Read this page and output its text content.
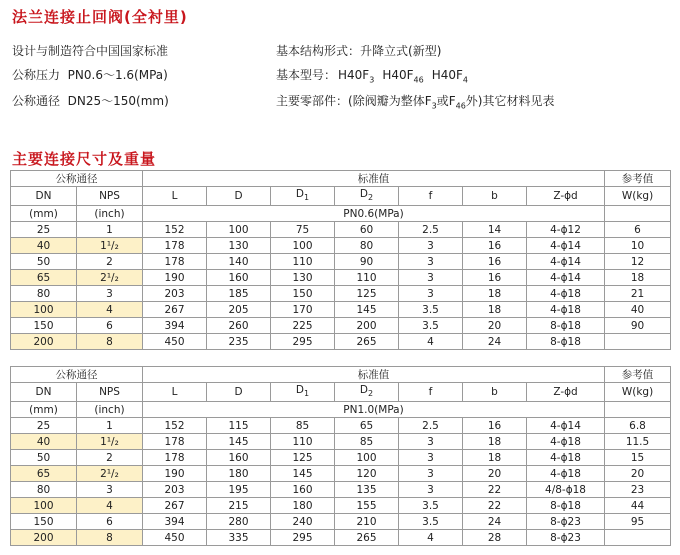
法兰连接止回阀(全衬里)
设计与制造符合中国国家标准
公称压力 PN0.6～1.6(MPa)
公称通径 DN25～150(mm)
基本结构形式：升降立式(新型)
基本型号： $H40F_3$ $H40F_{46}$ $H40F_4$
主要零部件：(除阀瓣为整体$F_3$或$F_{46}$外)其它材料见表
主要连接尺寸及重量
公称通径		标准值							参考值
DN	NPS	L	D	$D_1$	$D_2$	f	b	Z-ϕd	W(kg)
(mm)	(inch)	PN0.6(MPa)							
25	1	152	100	75	60	2.5	14	4-ϕ12	6
40	1¹/₂	178	130	100	80	3	16	4-ϕ14	10
50	2	178	140	110	90	3	16	4-ϕ14	12
65	2¹/₂	190	160	130	110	3	16	4-ϕ14	18
80	3	203	185	150	125	3	18	4-ϕ18	21
100	4	267	205	170	145	3.5	18	4-ϕ18	40
150	6	394	260	225	200	3.5	20	8-ϕ18	90
200	8	450	235	295	265	4	24	8-ϕ18	
公称通径		标准值							参考值
DN	NPS	L	D	$D_1$	$D_2$	f	b	Z-ϕd	W(kg)
(mm)	(inch)	PN1.0(MPa)							
25	1	152	115	85	65	2.5	16	4-ϕ14	6.8
40	1¹/₂	178	145	110	85	3	18	4-ϕ18	11.5
50	2	178	160	125	100	3	18	4-ϕ18	15
65	2¹/₂	190	180	145	120	3	20	4-ϕ18	20
80	3	203	195	160	135	3	22	4/8-ϕ18	23
100	4	267	215	180	155	3.5	22	8-ϕ18	44
150	6	394	280	240	210	3.5	24	8-ϕ23	95
200	8	450	335	295	265	4	28	8-ϕ23	
